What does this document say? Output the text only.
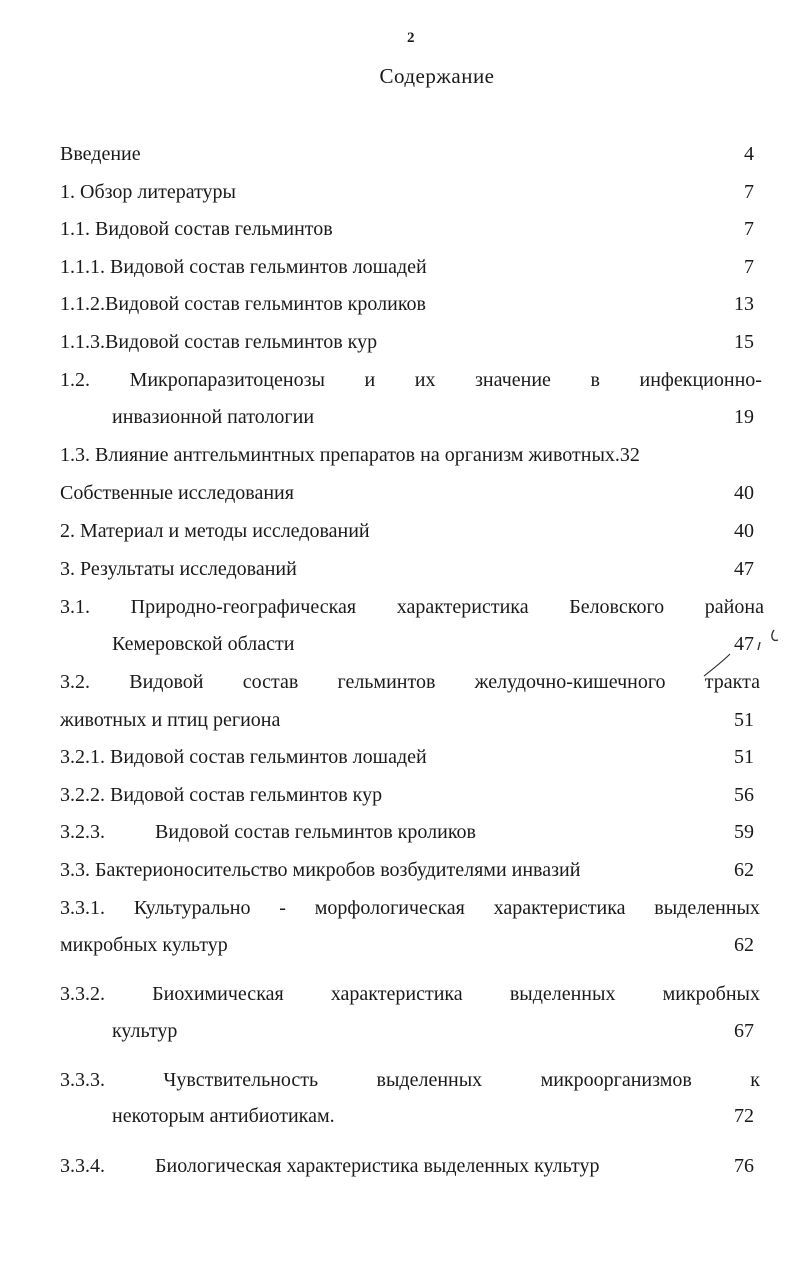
2
Содержание
Введение	4
1. Обзор литературы	7
1.1. Видовой состав гельминтов	7
1.1.1. Видовой состав гельминтов лошадей	7
1.1.2.Видовой состав гельминтов кроликов	13
1.1.3.Видовой состав гельминтов кур	15
1.2. Микропаразитоценозы и их значение в инфекционно-
инвазионной патологии	19
1.3. Влияние антгельминтных препаратов на организм животных.32
Собственные исследования	40
2. Материал и методы исследований	40
3. Результаты исследований	47
3.1. Природно-географическая характеристика Беловского района
Кемеровской области	47
3.2. Видовой состав гельминтов желудочно-кишечного тракта
животных и птиц региона	51
3.2.1. Видовой состав гельминтов лошадей	51
3.2.2. Видовой состав гельминтов кур	56
3.2.3.          Видовой состав гельминтов кроликов	59
3.3. Бактерионосительство микробов возбудителями инвазий	62
3.3.1. Культурально - морфологическая характеристика выделенных
микробных культур	62
3.3.2. Биохимическая характеристика выделенных микробных
культур	67
3.3.3.	Чувствительность	выделенных	микроорганизмов	к
некоторым антибиотикам.	72
3.3.4.          Биологическая характеристика выделенных культур	76
